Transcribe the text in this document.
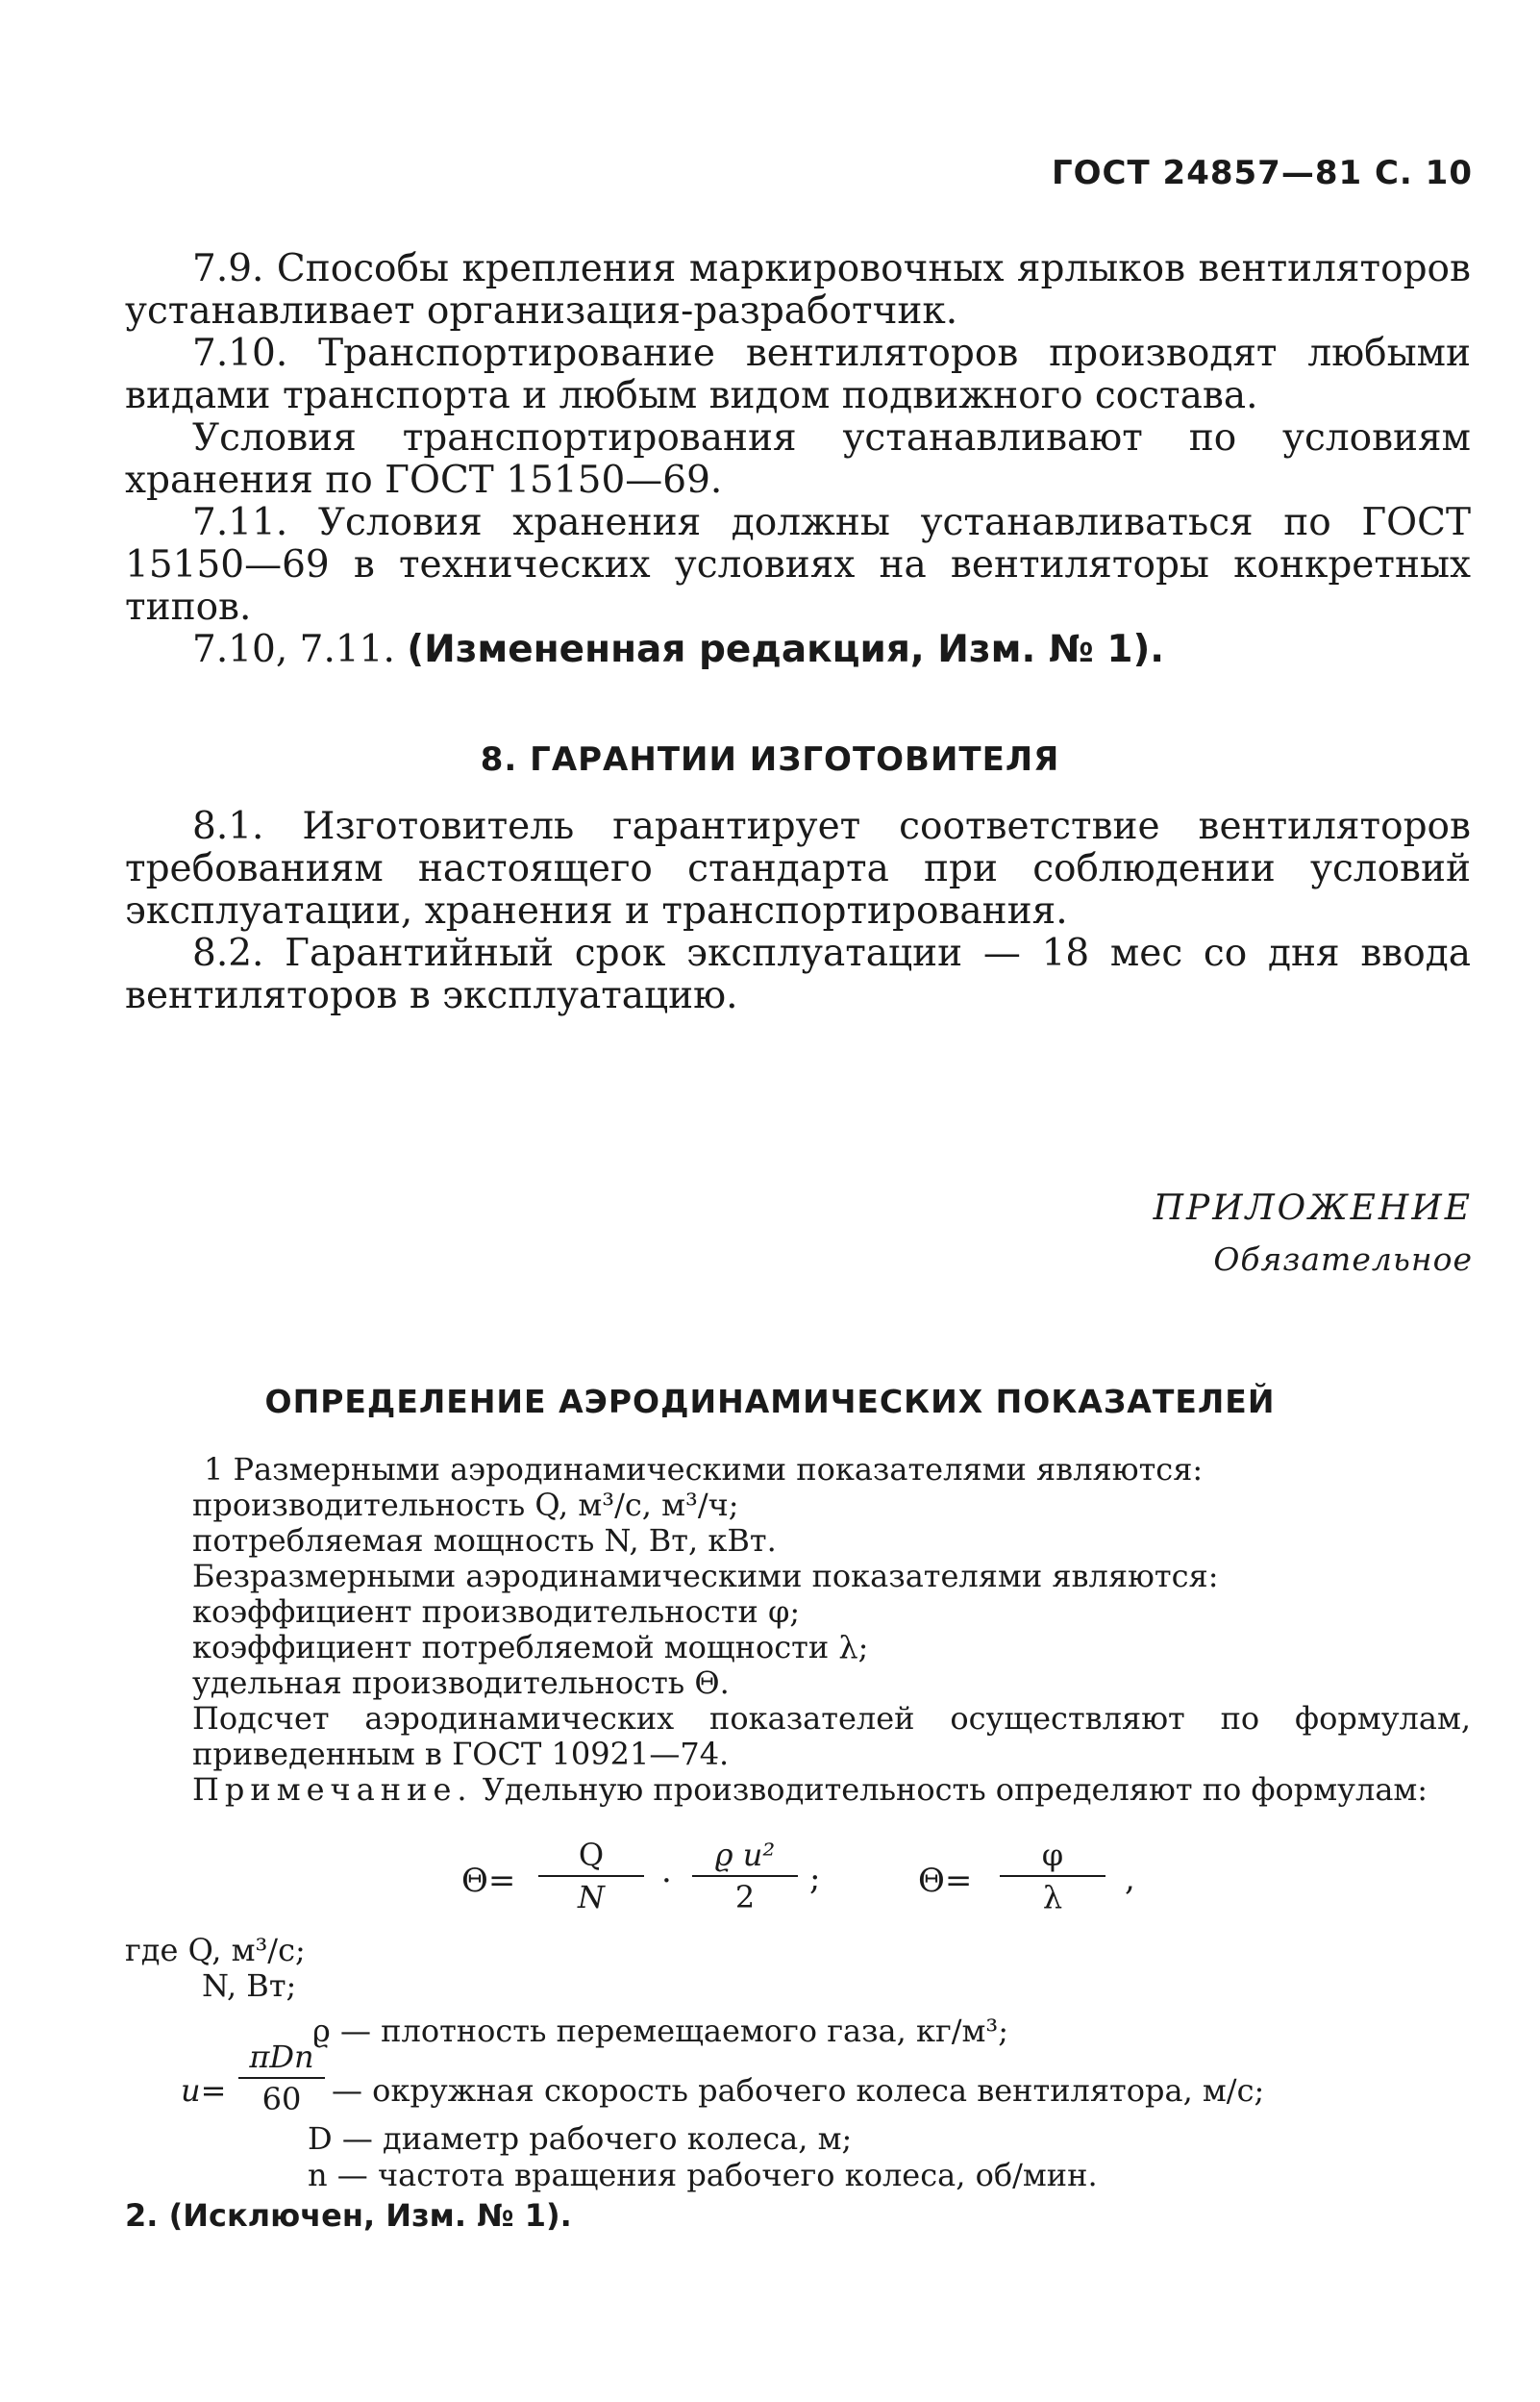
ГОСТ 24857—81 С. 10

7.9. Способы крепления маркировочных ярлыков вентиляторов устанавливает организация-разработчик.

7.10. Транспортирование вентиляторов производят любыми видами транспорта и любым видом подвижного состава.

Условия транспортирования устанавливают по условиям хранения по ГОСТ 15150—69.

7.11. Условия хранения должны устанавливаться по ГОСТ 15150—69 в технических условиях на вентиляторы конкретных типов.

7.10, 7.11. (Измененная редакция, Изм. № 1).

8. ГАРАНТИИ ИЗГОТОВИТЕЛЯ

8.1. Изготовитель гарантирует соответствие вентиляторов требованиям настоящего стандарта при соблюдении условий эксплуатации, хранения и транспортирования.

8.2. Гарантийный срок эксплуатации — 18 мес со дня ввода вентиляторов в эксплуатацию.

ПРИЛОЖЕНИЕ
Обязательное
ОПРЕДЕЛЕНИЕ АЭРОДИНАМИЧЕСКИХ ПОКАЗАТЕЛЕЙ

1 Размерными аэродинамическими показателями являются:

производительность Q, м³/с, м³/ч;

потребляемая мощность N, Вт, кВт.

Безразмерными аэродинамическими показателями являются:

коэффициент производительности φ;

коэффициент потребляемой мощности λ;

удельная производительность Θ.

Подсчет аэродинамических показателей осуществляют по формулам, приведенным в ГОСТ 10921—74.

Примечание. Удельную производительность определяют по формулам:

Θ=
Q
N ·
ϱ u²
2 ;	Θ=
φ
λ ,
где Q, м³/с;
N, Вт;
ϱ — плотность перемещаемого газа, кг/м³;
u=
πDn
60 — окружная скорость рабочего колеса вентилятора, м/с;
D — диаметр рабочего колеса, м;
n — частота вращения рабочего колеса, об/мин.
2. (Исключен, Изм. № 1).
